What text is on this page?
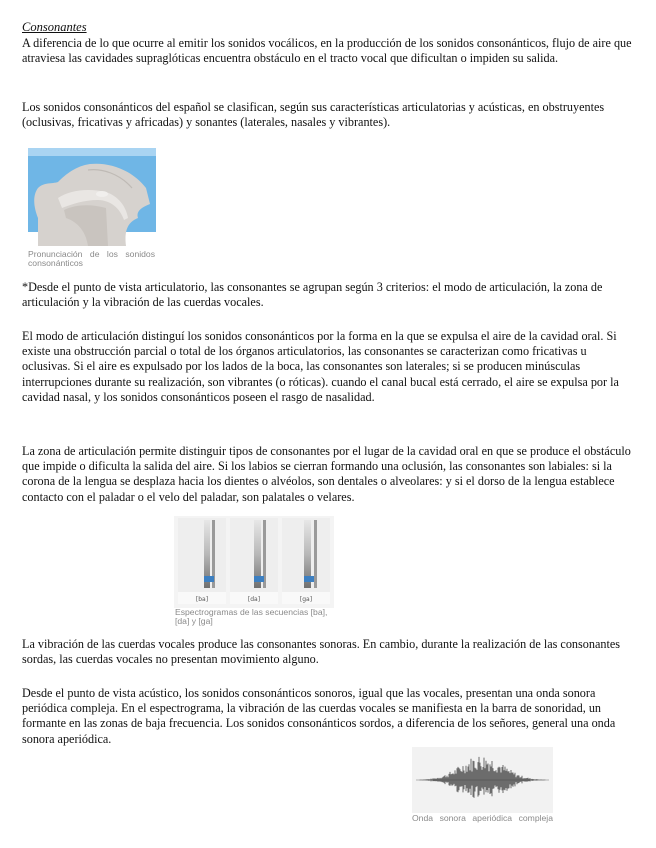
Consonantes

A diferencia de lo que ocurre al emitir los sonidos vocálicos, en la producción de los sonidos consonánticos, flujo de aire que atraviesa las cavidades supraglóticas encuentra obstáculo en el tracto vocal que dificultan o impiden su salida.

Los sonidos consonánticos del español se clasifican, según sus características articulatorias y acústicas, en obstruyentes (oclusivas, fricativas y africadas) y sonantes (laterales, nasales y vibrantes).

Pronunciación de los sonidos consonánticos

*Desde el punto de vista articulatorio, las consonantes se agrupan según 3 criterios: el modo de articulación, la zona de articulación y la vibración de las cuerdas vocales.

El modo de articulación distinguí los sonidos consonánticos por la forma en la que se expulsa el aire de la cavidad oral. Si existe una obstrucción parcial o total de los órganos articulatorios, las consonantes se caracterizan como fricativas u oclusivas. Si el aire es expulsado por los lados de la boca, las consonantes son laterales; si se producen minúsculas interrupciones durante su realización, son vibrantes (o róticas). cuando el canal bucal está cerrado, el aire se expulsa por la cavidad nasal, y los sonidos consonánticos poseen el rasgo de nasalidad.

La zona de articulación permite distinguir tipos de consonantes por el lugar de la cavidad oral en que se produce el obstáculo que impide o dificulta la salida del aire. Si los labios se cierran formando una oclusión, las consonantes son labiales: si la corona de la lengua se desplaza hacia los dientes o alvéolos, son dentales o alveolares: y si el dorso de la lengua establece contacto con el paladar o el velo del paladar, son palatales o velares.

[ba]	[da]	[ga]
Espectrogramas de las secuencias [ba], [da] y [ga]

La vibración de las cuerdas vocales produce las consonantes sonoras. En cambio, durante la realización de las consonantes sordas, las cuerdas vocales no presentan movimiento alguno.

Desde el punto de vista acústico, los sonidos consonánticos sonoros, igual que las vocales, presentan una onda sonora periódica compleja. En el espectrograma, la vibración de las cuerdas vocales se manifiesta en la barra de sonoridad, un formante en las zonas de baja frecuencia. Los sonidos consonánticos sordos, a diferencia de los señores, general una onda sonora aperiódica.

Onda sonora aperiódica compleja
